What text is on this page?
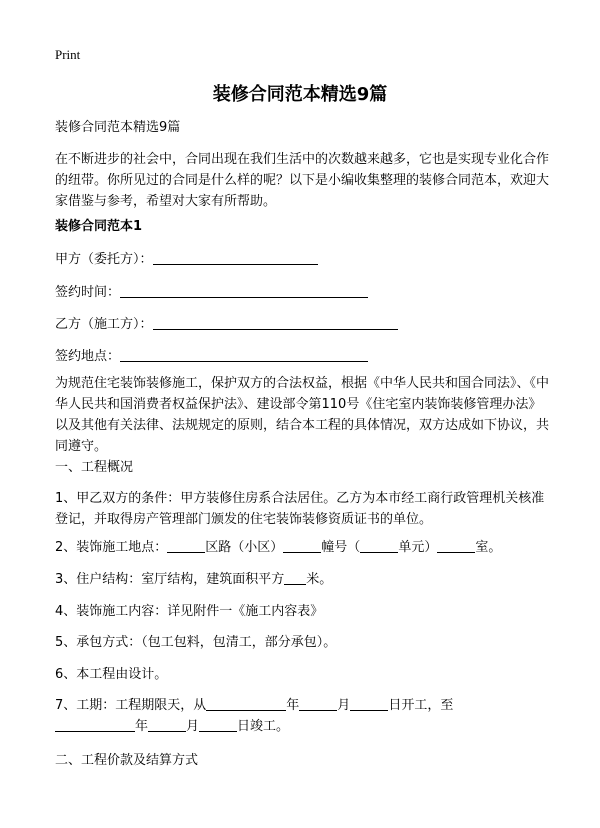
Print
装修合同范本精选9篇
装修合同范本精选9篇
在不断进步的社会中，合同出现在我们生活中的次数越来越多，它也是实现专业化合作的纽带。你所见过的合同是什么样的呢？以下是小编收集整理的装修合同范本，欢迎大家借鉴与参考，希望对大家有所帮助。
装修合同范本1
甲方（委托方）：
签约时间：
乙方（施工方）：
签约地点：
为规范住宅装饰装修施工，保护双方的合法权益，根据《中华人民共和国合同法》、《中华人民共和国消费者权益保护法》、建设部令第110号《住宅室内装饰装修管理办法》以及其他有关法律、法规规定的原则，结合本工程的具体情况，双方达成如下协议，共同遵守。
一、工程概况
1、甲乙双方的条件：甲方装修住房系合法居住。乙方为本市经工商行政管理机关核准登记，并取得房产管理部门颁发的住宅装饰装修资质证书的单位。
2、装饰施工地点：	区路（小区）	幢号（	单元）	室。
3、住户结构：室厅结构，建筑面积平方 米。
4、装饰施工内容：详见附件一《施工内容表》
5、承包方式：（包工包料，包清工，部分承包）。
6、本工程由设计。
7、工期：工程期限天，从	年	月	日开工，至
年	月	日竣工。
二、工程价款及结算方式
